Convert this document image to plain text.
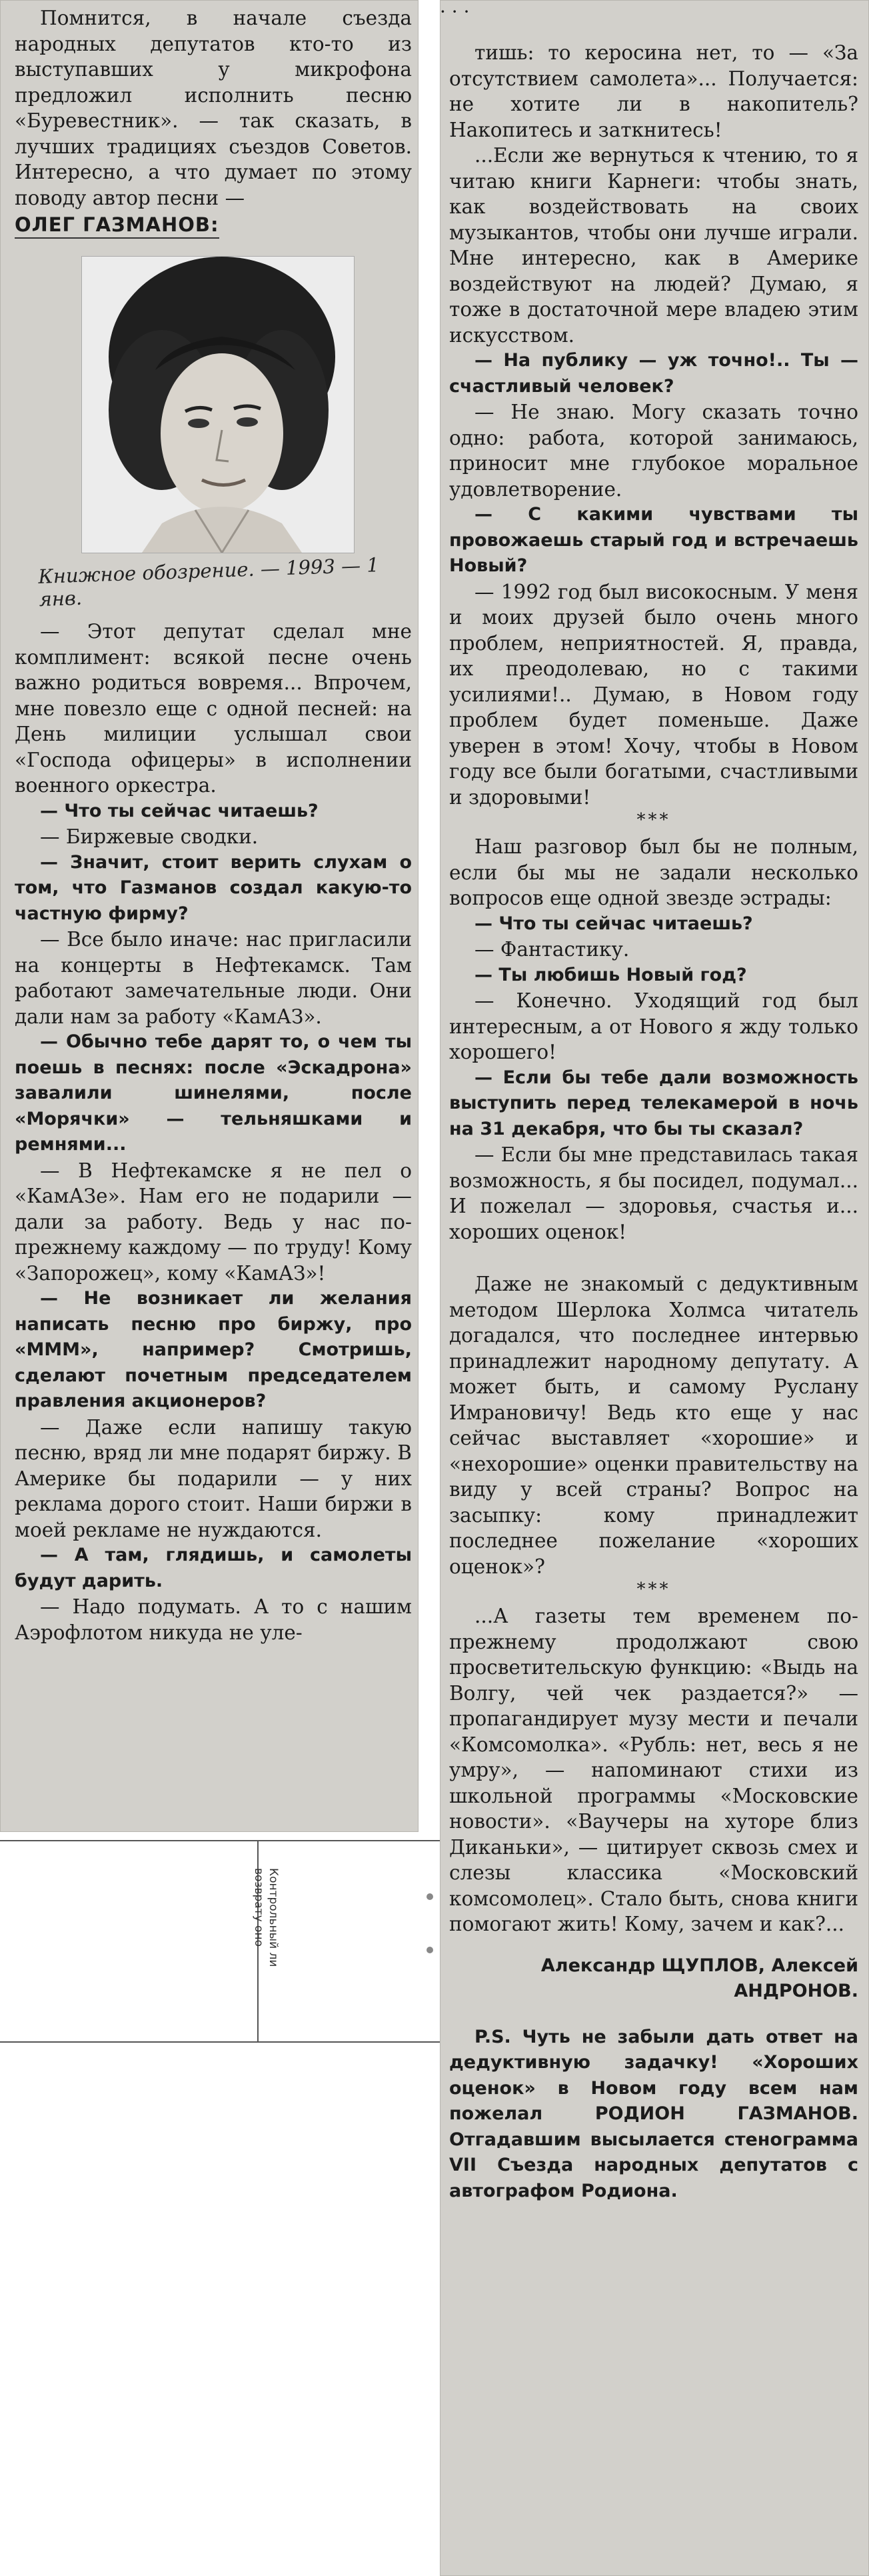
Помнится, в начале съезда народных депутатов кто-то из выступавших у микрофона предложил исполнить песню «Буревестник». — так сказать, в лучших традициях съездов Советов. Интересно, а что думает по этому поводу автор песни —

ОЛЕГ ГАЗМАНОВ:

Книжное обозрение. — 1993 — 1 янв.

— Этот депутат сделал мне комплимент: всякой песне очень важно родиться вовремя... Впрочем, мне повезло еще с одной песней: на День милиции услышал свои «Господа офицеры» в исполнении военного оркестра.

— Что ты сейчас читаешь?

— Биржевые сводки.

— Значит, стоит верить слухам о том, что Газманов создал какую-то частную фирму?

— Все было иначе: нас пригласили на концерты в Нефтекамск. Там работают замечательные люди. Они дали нам за работу «КамАЗ».

— Обычно тебе дарят то, о чем ты поешь в песнях: после «Эскадрона» завалили шинелями, после «Морячки» — тельняшками и ремнями...

— В Нефтекамске я не пел о «КамАЗе». Нам его не подарили — дали за работу. Ведь у нас по-прежнему каждому — по труду! Кому «Запорожец», кому «КамАЗ»!

— Не возникает ли желания написать песню про биржу, про «МММ», например? Смотришь, сделают почетным председателем правления акционеров?

— Даже если напишу такую песню, вряд ли мне подарят биржу. В Америке бы подарили — у них реклама дорого стоит. Наши биржи в моей рекламе не нуждаются.

— А там, глядишь, и самолеты будут дарить.

— Надо подумать. А то с нашим Аэрофлотом никуда не уле-

· · ·

тишь: то керосина нет, то — «За отсутствием самолета»... Получается: не хотите ли в накопитель? Накопитесь и заткнитесь!

...Если же вернуться к чтению, то я читаю книги Карнеги: чтобы знать, как воздействовать на своих музыкантов, чтобы они лучше играли. Мне интересно, как в Америке воздействуют на людей? Думаю, я тоже в достаточной мере владею этим искусством.

— На публику — уж точно!.. Ты — счастливый человек?

— Не знаю. Могу сказать точно одно: работа, которой занимаюсь, приносит мне глубокое моральное удовлетворение.

— С какими чувствами ты провожаешь старый год и встречаешь Новый?

— 1992 год был високосным. У меня и моих друзей было очень много проблем, неприятностей. Я, правда, их преодолеваю, но с такими усилиями!.. Думаю, в Новом году проблем будет поменьше. Даже уверен в этом! Хочу, чтобы в Новом году все были богатыми, счастливыми и здоровыми!

***

Наш разговор был бы не полным, если бы мы не задали несколько вопросов еще одной звезде эстрады:

— Что ты сейчас читаешь?

— Фантастику.

— Ты любишь Новый год?

— Конечно. Уходящий год был интересным, а от Нового я жду только хорошего!

— Если бы тебе дали возможность выступить перед телекамерой в ночь на 31 декабря, что бы ты сказал?

— Если бы мне представилась такая возможность, я бы посидел, подумал... И пожелал — здоровья, счастья и... хороших оценок!

Даже не знакомый с дедуктивным методом Шерлока Холмса читатель догадался, что последнее интервью принадлежит народному депутату. А может быть, и самому Руслану Имрановичу! Ведь кто еще у нас сейчас выставляет «хорошие» и «нехорошие» оценки правительству на виду у всей страны? Вопрос на засыпку: кому принадлежит последнее пожелание «хороших оценок»?

***

...А газеты тем временем по-прежнему продолжают свою просветительскую функцию: «Выдь на Волгу, чей чек раздается?» — пропагандирует музу мести и печали «Комсомолка». «Рубль: нет, весь я не умру», — напоминают стихи из школьной программы «Московские новости». «Ваучеры на хуторе близ Диканьки», — цитирует сквозь смех и слезы классика «Московский комсомолец». Стало быть, снова книги помогают жить! Кому, зачем и как?...

Александр ЩУПЛОВ, Алексей АНДРОНОВ.

P.S. Чуть не забыли дать ответ на дедуктивную задачку! «Хороших оценок» в Новом году всем нам пожелал РОДИОН ГАЗМАНОВ. Отгадавшим высылается стенограмма VII Съезда народных депутатов с автографом Родиона.

Контрольный ли
возврату оно
